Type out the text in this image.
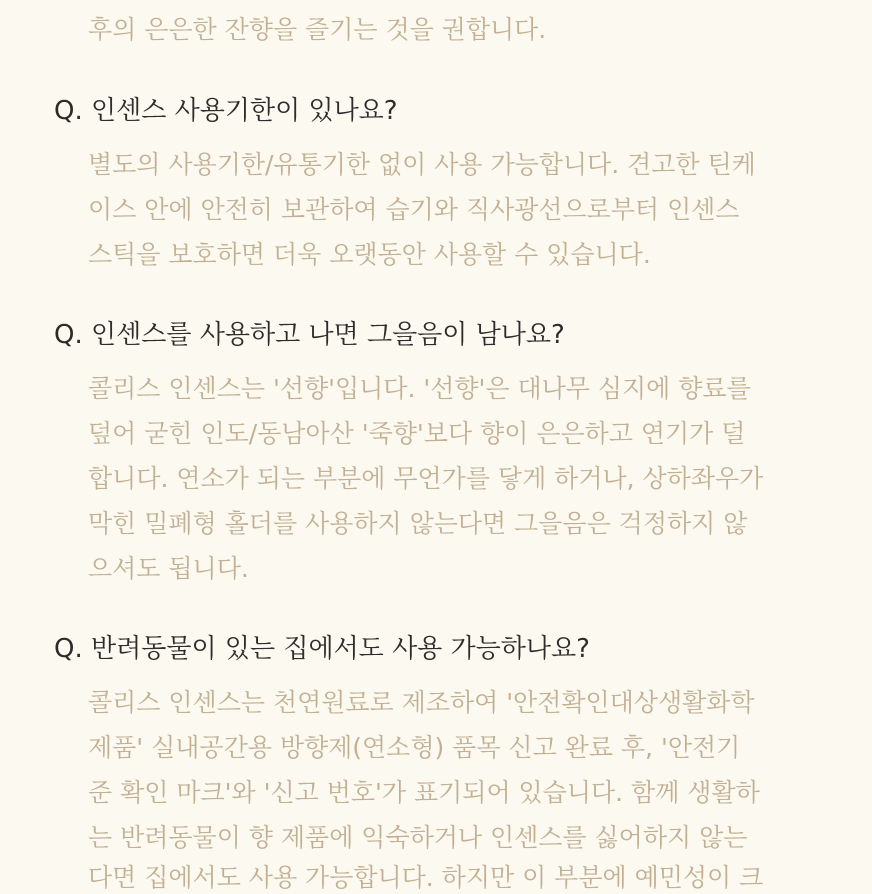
후의 은은한 잔향을 즐기는 것을 권합니다.
Q. 인센스 사용기한이 있나요?
별도의 사용기한/유통기한 없이 사용 가능합니다. 견고한 틴케
이스 안에 안전히 보관하여 습기와 직사광선으로부터 인센스
스틱을 보호하면 더욱 오랫동안 사용할 수 있습니다.
Q. 인센스를 사용하고 나면 그을음이 남나요?
콜리스 인센스는 '선향'입니다. '선향'은 대나무 심지에 향료를
덮어 굳힌 인도/동남아산 '죽향'보다 향이 은은하고 연기가 덜
합니다. 연소가 되는 부분에 무언가를 닿게 하거나, 상하좌우가
막힌 밀폐형 홀더를 사용하지 않는다면 그을음은 걱정하지 않
으셔도 됩니다.
Q. 반려동물이 있는 집에서도 사용 가능하나요?
콜리스 인센스는 천연원료로 제조하여 '안전확인대상생활화학
제품' 실내공간용 방향제(연소형) 품목 신고 완료 후, '안전기
준 확인 마크'와 '신고 번호'가 표기되어 있습니다. 함께 생활하
는 반려동물이 향 제품에 익숙하거나 인센스를 싫어하지 않는
다면 집에서도 사용 가능합니다. 하지만 이 부분에 예민성이 크
